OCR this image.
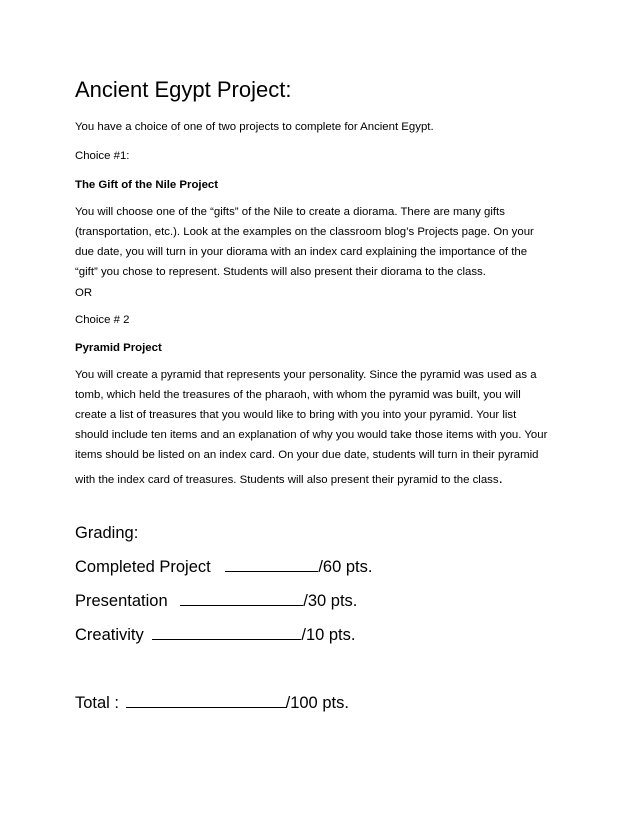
Ancient Egypt Project:
You have a choice of one of two projects to complete for Ancient Egypt.
Choice #1:
The Gift of the Nile Project
You will choose one of the “gifts” of the Nile to create a diorama. There are many gifts
(transportation, etc.). Look at the examples on the classroom blog’s Projects page. On your
due date, you will turn in your diorama with an index card explaining the importance of the
“gift” you chose to represent. Students will also present their diorama to the class.
OR
Choice # 2
Pyramid Project
You will create a pyramid that represents your personality. Since the pyramid was used as a
tomb, which held the treasures of the pharaoh, with whom the pyramid was built, you will
create a list of treasures that you would like to bring with you into your pyramid. Your list
should include ten items and an explanation of why you would take those items with you. Your
items should be listed on an index card. On your due date, students will turn in their pyramid
with the index card of treasures. Students will also present their pyramid to the class.
Grading:
Completed Project	/60 pts.
Presentation	/30 pts.
Creativity	/10 pts.
Total :	/100 pts.
